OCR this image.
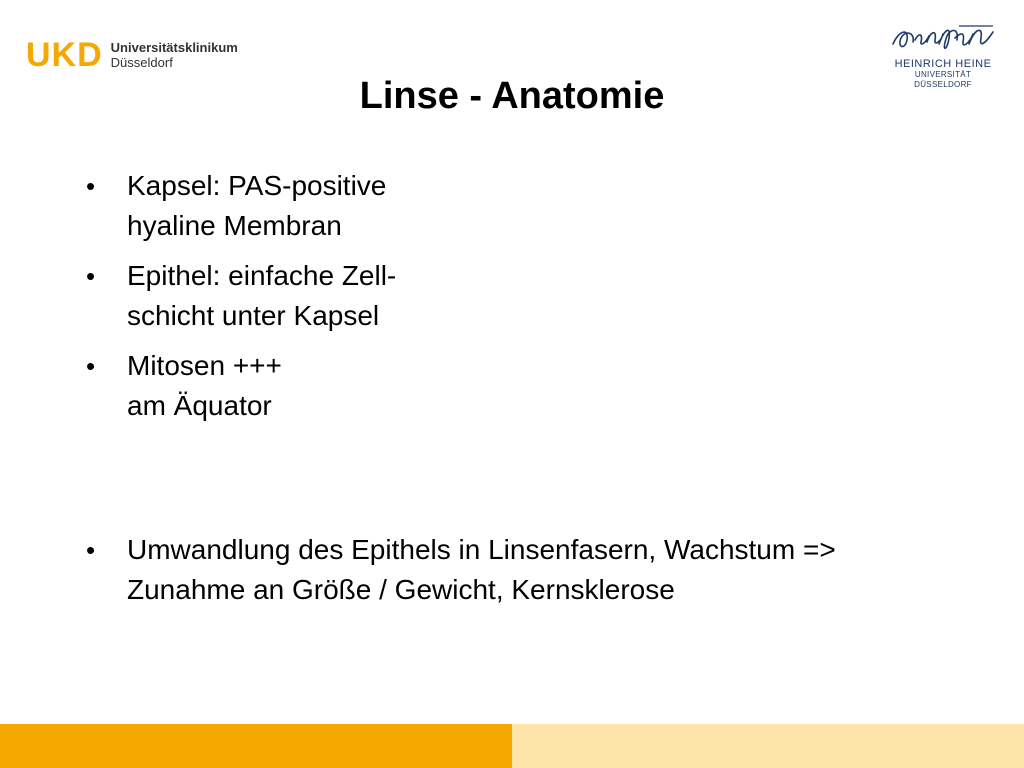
UKD Universitätsklinikum
Düsseldorf	HEINRICH HEINE
UNIVERSITÄT DÜSSELDORF
Linse - Anatomie
• Kapsel: PAS-positive
hyaline Membran
• Epithel: einfache Zell-
schicht unter Kapsel
• Mitosen +++
am Äquator
• Umwandlung des Epithels in Linsenfasern, Wachstum =>
Zunahme an Größe / Gewicht, Kernsklerose
